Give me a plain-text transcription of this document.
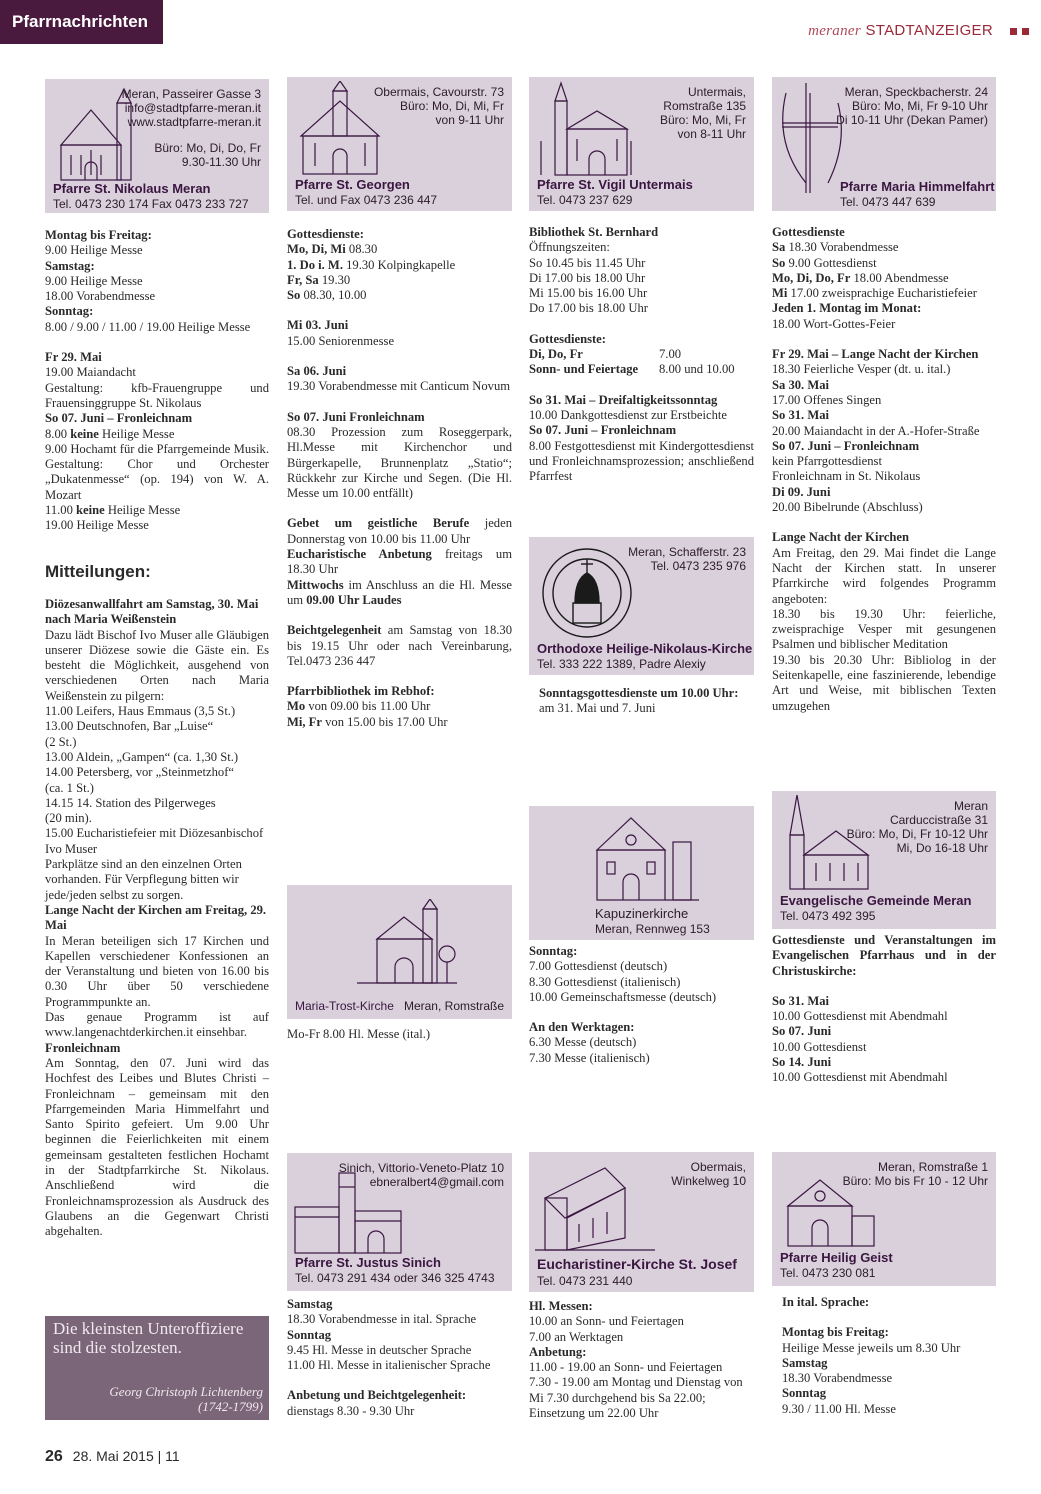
Pfarrnachrichten	meraner STADTANZEIGER
Meran, Passeirer Gasse 3
info@stadtpfarre-meran.it
www.stadtpfarre-meran.it
Büro: Mo, Di, Do, Fr
9.30-11.30 Uhr
Pfarre St. Nikolaus Meran
Tel. 0473 230 174 Fax 0473 233 727

Montag bis Freitag:

9.00 Heilige Messe

Samstag:

9.00 Heilige Messe

18.00 Vorabendmesse

Sonntag:

8.00 / 9.00 / 11.00 / 19.00 Heilige Messe

Fr 29. Mai

19.00 Maiandacht

Gestaltung: kfb-Frauengruppe und Frauensinggruppe St. Nikolaus

So 07. Juni – Fronleichnam

8.00 keine Heilige Messe

9.00 Hochamt für die Pfarrgemeinde Musik. Gestaltung: Chor und Orchester „Dukatenmesse“ (op. 194) von W. A. Mozart

11.00 keine Heilige Messe

19.00 Heilige Messe

Mitteilungen:

Diözesanwallfahrt am Samstag, 30. Mai nach Maria Weißenstein

Dazu lädt Bischof Ivo Muser alle Gläubigen unserer Diözese sowie die Gäste ein. Es besteht die Möglichkeit, ausgehend von verschiedenen Orten nach Maria Weißenstein zu pilgern:

11.00 Leifers, Haus Emmaus (3,5 St.)

13.00 Deutschnofen, Bar „Luise“

(2 St.)

13.00 Aldein, „Gampen“ (ca. 1,30 St.)

14.00 Petersberg, vor „Steinmetzhof“

(ca. 1 St.)

14.15 14. Station des Pilgerweges

(20 min).

15.00 Eucharistiefeier mit Diözesanbischof Ivo Muser

Parkplätze sind an den einzelnen Orten vorhanden. Für Verpflegung bitten wir jede/jeden selbst zu sorgen.

Lange Nacht der Kirchen am Freitag, 29. Mai

In Meran beteiligen sich 17 Kirchen und Kapellen verschiedener Konfessionen an der Veranstaltung und bieten von 16.00 bis 0.30 Uhr über 50 verschiedene Programmpunkte an.

Das genaue Programm ist auf www.langenachtderkirchen.it einsehbar.

Fronleichnam

Am Sonntag, den 07. Juni wird das Hochfest des Leibes und Blutes Christi – Fronleichnam – gemeinsam mit den Pfarrgemeinden Maria Himmelfahrt und Santo Spirito gefeiert. Um 9.00 Uhr beginnen die Feierlichkeiten mit einem gemeinsam gestalteten festlichen Hochamt in der Stadtpfarrkirche St. Nikolaus. Anschließend wird die Fronleichnamsprozession als Ausdruck des Glaubens an die Gegenwart Christi abgehalten.

Die kleinsten Unteroffiziere sind die stolzesten.
Georg Christoph Lichtenberg
(1742-1799)
26 28. Mai 2015 | 11
Obermais, Cavourstr. 73
Büro: Mo, Di, Mi, Fr
von 9-11 Uhr
Pfarre St. Georgen
Tel. und Fax 0473 236 447

Gottesdienste:

Mo, Di, Mi 08.30

1. Do i. M. 19.30 Kolpingkapelle

Fr, Sa 19.30

So 08.30, 10.00

Mi 03. Juni

15.00 Seniorenmesse

Sa 06. Juni

19.30 Vorabendmesse mit Canticum Novum

So 07. Juni Fronleichnam

08.30 Prozession zum Roseggerpark, Hl.Messe mit Kirchenchor und Bürgerkapelle, Brunnenplatz „Statio“; Rückkehr zur Kirche und Segen. (Die Hl. Messe um 10.00 entfällt)

Gebet um geistliche Berufe jeden Donnerstag von 10.00 bis 11.00 Uhr

Eucharistische Anbetung freitags um 18.30 Uhr

Mittwochs im Anschluss an die Hl. Messe um 09.00 Uhr Laudes

Beichtgelegenheit am Samstag von 18.30 bis 19.15 Uhr oder nach Vereinbarung, Tel.0473 236 447

Pfarrbibliothek im Rebhof:

Mo von 09.00 bis 11.00 Uhr

Mi, Fr von 15.00 bis 17.00 Uhr

Maria-Trost-Kirche Meran, Romstraße

Mo-Fr 8.00 Hl. Messe (ital.)

Sinich, Vittorio-Veneto-Platz 10
ebneralbert4@gmail.com
Pfarre St. Justus Sinich
Tel. 0473 291 434 oder 346 325 4743

Samstag

18.30 Vorabendmesse in ital. Sprache

Sonntag

9.45 Hl. Messe in deutscher Sprache

11.00 Hl. Messe in italienischer Sprache

Anbetung und Beichtgelegenheit:

dienstags 8.30 - 9.30 Uhr

Untermais,
Romstraße 135
Büro: Mo, Mi, Fr
von 8-11 Uhr
Pfarre St. Vigil Untermais
Tel. 0473 237 629

Bibliothek St. Bernhard

Öffnungszeiten:

So 10.45 bis 11.45 Uhr

Di 17.00 bis 18.00 Uhr

Mi 15.00 bis 16.00 Uhr

Do 17.00 bis 18.00 Uhr

Gottesdienste:

Di, Do, Fr	7.00

Sonn- und Feiertage 8.00 und 10.00

So 31. Mai – Dreifaltigkeitssonntag

10.00 Dankgottesdienst zur Erstbeichte

So 07. Juni – Fronleichnam

8.00 Festgottesdienst mit Kindergottesdienst und Fronleichnamsprozession; anschließend Pfarrfest

Meran, Schafferstr. 23
Tel. 0473 235 976
Orthodoxe Heilige-Nikolaus-Kirche
Tel. 333 222 1389, Padre Alexiy

Sonntagsgottesdienste um 10.00 Uhr:

am 31. Mai und 7. Juni

Kapuzinerkirche
Meran, Rennweg 153

Sonntag:

7.00 Gottesdienst (deutsch)

8.30 Gottesdienst (italienisch)

10.00 Gemeinschaftsmesse (deutsch)

An den Werktagen:

6.30 Messe (deutsch)

7.30 Messe (italienisch)

Obermais,
Winkelweg 10
Eucharistiner-Kirche St. Josef
Tel. 0473 231 440

Hl. Messen:

10.00 an Sonn- und Feiertagen

7.00 an Werktagen

Anbetung:

11.00 - 19.00 an Sonn- und Feiertagen

7.30 - 19.00 am Montag und Dienstag von Mi 7.30 durchgehend bis Sa 22.00; Einsetzung um 22.00 Uhr

Meran, Speckbacherstr. 24
Büro: Mo, Mi, Fr 9-10 Uhr
Di 10-11 Uhr (Dekan Pamer)
Pfarre Maria Himmelfahrt
Tel. 0473 447 639

Gottesdienste

Sa 18.30 Vorabendmesse

So 9.00 Gottesdienst

Mo, Di, Do, Fr 18.00 Abendmesse

Mi 17.00 zweisprachige Eucharistiefeier

Jeden 1. Montag im Monat:

18.00 Wort-Gottes-Feier

Fr 29. Mai – Lange Nacht der Kirchen

18.30 Feierliche Vesper (dt. u. ital.)

Sa 30. Mai

17.00 Offenes Singen

So 31. Mai

20.00 Maiandacht in der A.-Hofer-Straße

So 07. Juni – Fronleichnam

kein Pfarrgottesdienst

Fronleichnam in St. Nikolaus

Di 09. Juni

20.00 Bibelrunde (Abschluss)

Lange Nacht der Kirchen

Am Freitag, den 29. Mai findet die Lange Nacht der Kirchen statt. In unserer Pfarrkirche wird folgendes Programm angeboten:

18.30 bis 19.30 Uhr: feierliche, zweisprachige Vesper mit gesungenen Psalmen und biblischer Meditation

19.30 bis 20.30 Uhr: Bibliolog in der Seitenkapelle, eine faszinierende, lebendige Art und Weise, mit biblischen Texten umzugehen

Meran
Carduccistraße 31
Büro: Mo, Di, Fr 10-12 Uhr
Mi, Do 16-18 Uhr
Evangelische Gemeinde Meran
Tel. 0473 492 395

Gottesdienste und Veranstaltungen im Evangelischen Pfarrhaus und in der Christuskirche:

So 31. Mai

10.00 Gottesdienst mit Abendmahl

So 07. Juni

10.00 Gottesdienst

So 14. Juni

10.00 Gottesdienst mit Abendmahl

Meran, Romstraße 1
Büro: Mo bis Fr 10 - 12 Uhr
Pfarre Heilig Geist
Tel. 0473 230 081

In ital. Sprache:

Montag bis Freitag:

Heilige Messe jeweils um 8.30 Uhr

Samstag

18.30 Vorabendmesse

Sonntag

9.30 / 11.00 Hl. Messe
